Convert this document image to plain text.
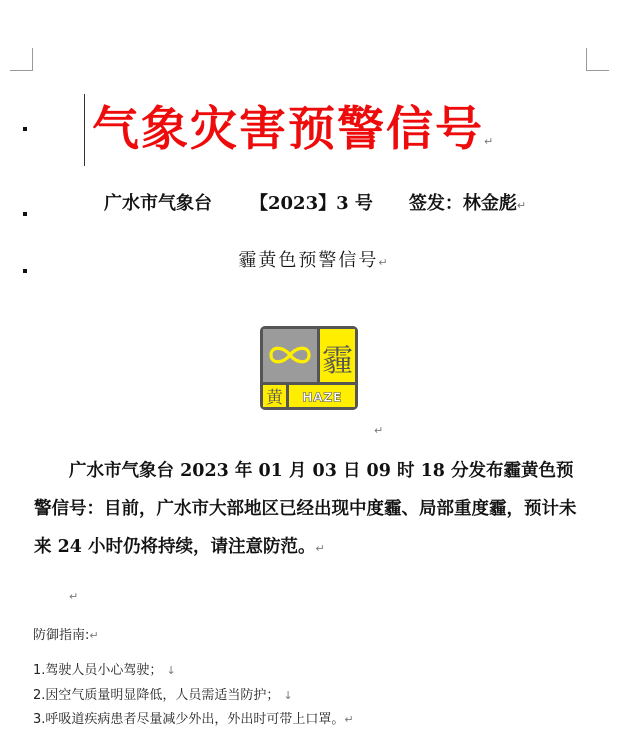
气象灾害预警信号↵
广水市气象台 【2023】3 号 签发：林金彪↵
霾黄色预警信号↵
霾
黄 HAZE
↵
广水市气象台 2023 年 01 月 03 日 09 时 18 分发布霾黄色预警信号：目前，广水市大部地区已经出现中度霾、局部重度霾，预计未来 24 小时仍将持续，请注意防范。↵
↵
防御指南:↵
1.驾驶人员小心驾驶； ↓
2.因空气质量明显降低，人员需适当防护； ↓
3.呼吸道疾病患者尽量减少外出，外出时可带上口罩。↵
